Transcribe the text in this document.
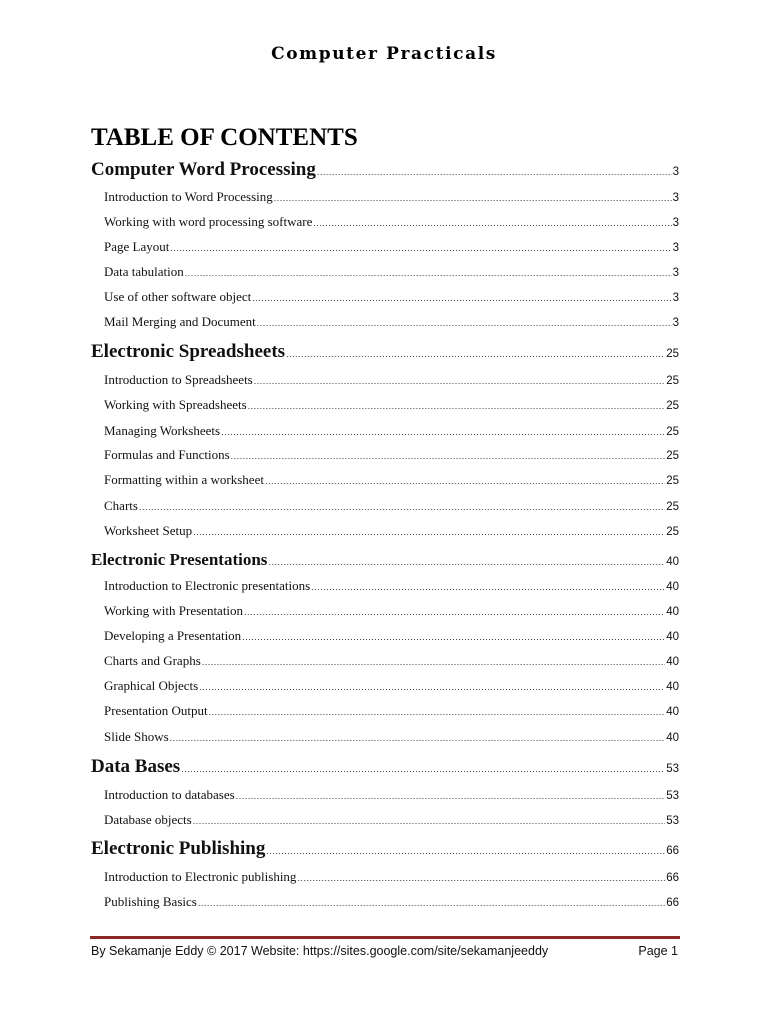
Computer Practicals
TABLE OF CONTENTS
Computer Word Processing .....	3
Introduction to Word Processing .....	3
Working with word processing software .....	3
Page Layout .....	3
Data tabulation .....	3
Use of other software object .....	3
Mail Merging and Document .....	3
Electronic Spreadsheets .....	25
Introduction to Spreadsheets .....	25
Working with Spreadsheets .....	25
Managing Worksheets .....	25
Formulas and Functions .....	25
Formatting within a worksheet .....	25
Charts .....	25
Worksheet Setup .....	25
Electronic Presentations .....	40
Introduction to Electronic presentations .....	40
Working with Presentation .....	40
Developing a Presentation .....	40
Charts and Graphs .....	40
Graphical Objects .....	40
Presentation Output .....	40
Slide Shows .....	40
Data Bases .....	53
Introduction to databases .....	53
Database objects .....	53
Electronic Publishing .....	66
Introduction to Electronic publishing .....	66
Publishing Basics .....	66
By Sekamanje Eddy © 2017 Website: https://sites.google.com/site/sekamanjeeddy	Page 1
